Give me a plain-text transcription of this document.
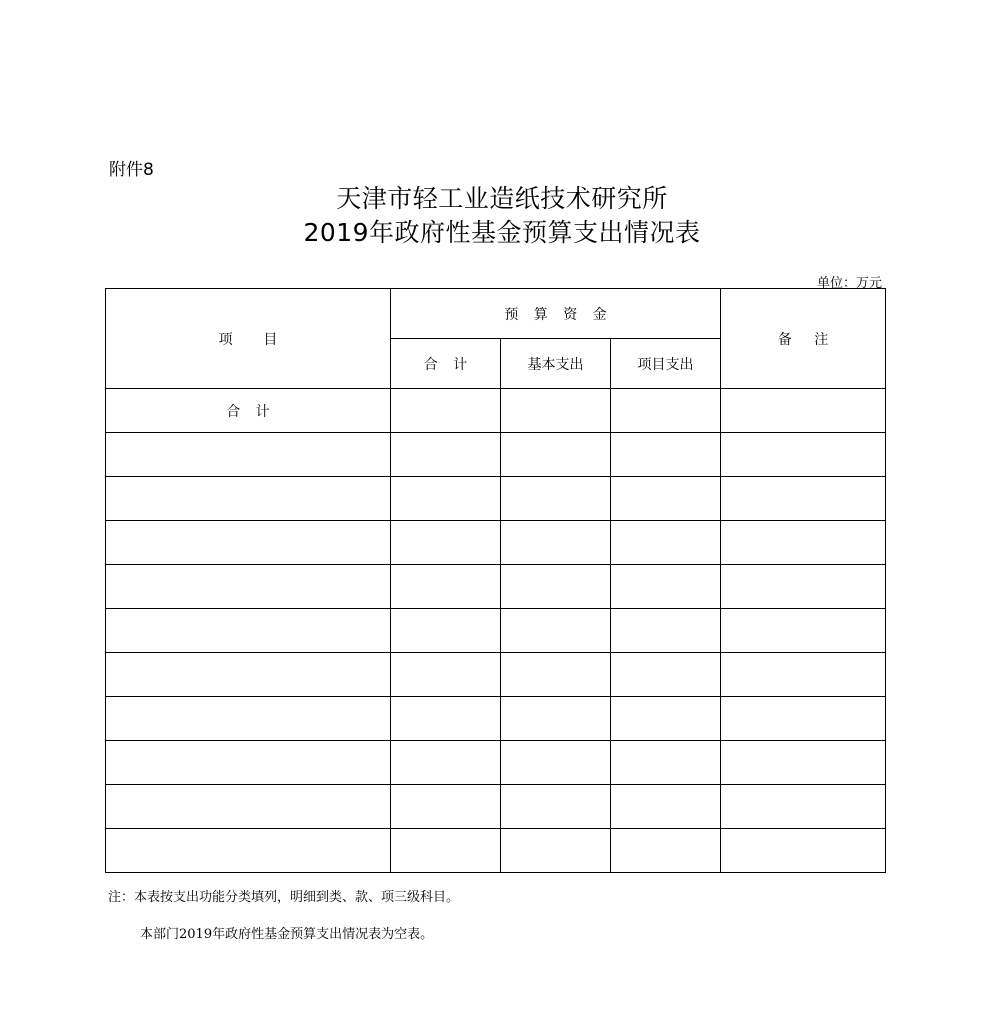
附件8
天津市轻工业造纸技术研究所
2019年政府性基金预算支出情况表
单位：万元
项目	预算资金			备注
	合计	基本支出	项目支出	
合计				

注：本表按支出功能分类填列，明细到类、款、项三级科目。
本部门2019年政府性基金预算支出情况表为空表。
